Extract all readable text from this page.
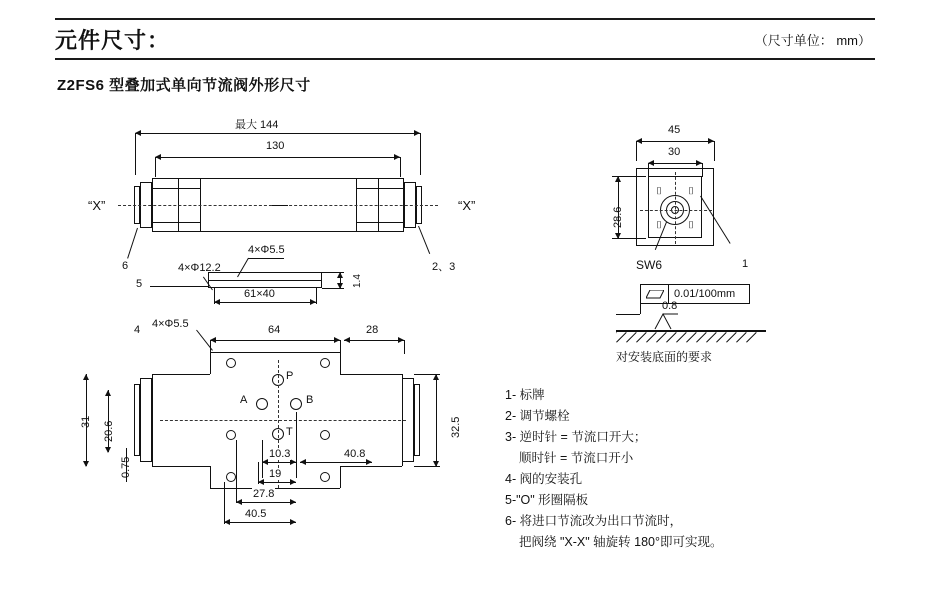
元件尺寸：	（尺寸单位： mm）
Z2FS6 型叠加式单向节流阀外形尺寸
最大 144
130
“X”	“X”
6	2、3
4×Φ5.5
4×Φ12.2
5
61×40
1.4
4×Φ5.5
4	64	28
P
A	B
T
31 20.6	32.5
0.75
10.3	40.8
19
27.8
40.5
45
30
⌷	⌷
⌷	⌷
28.6
SW6	1
0.01/100mm
0.8
对安装底面的要求
1- 标牌
2- 调节螺栓
3- 逆时针 = 节流口开大；
顺时针 = 节流口开小
4- 阀的安装孔
5-"O" 形圈隔板
6- 将进口节流改为出口节流时，
把阀绕 "X-X" 轴旋转 180°即可实现。
